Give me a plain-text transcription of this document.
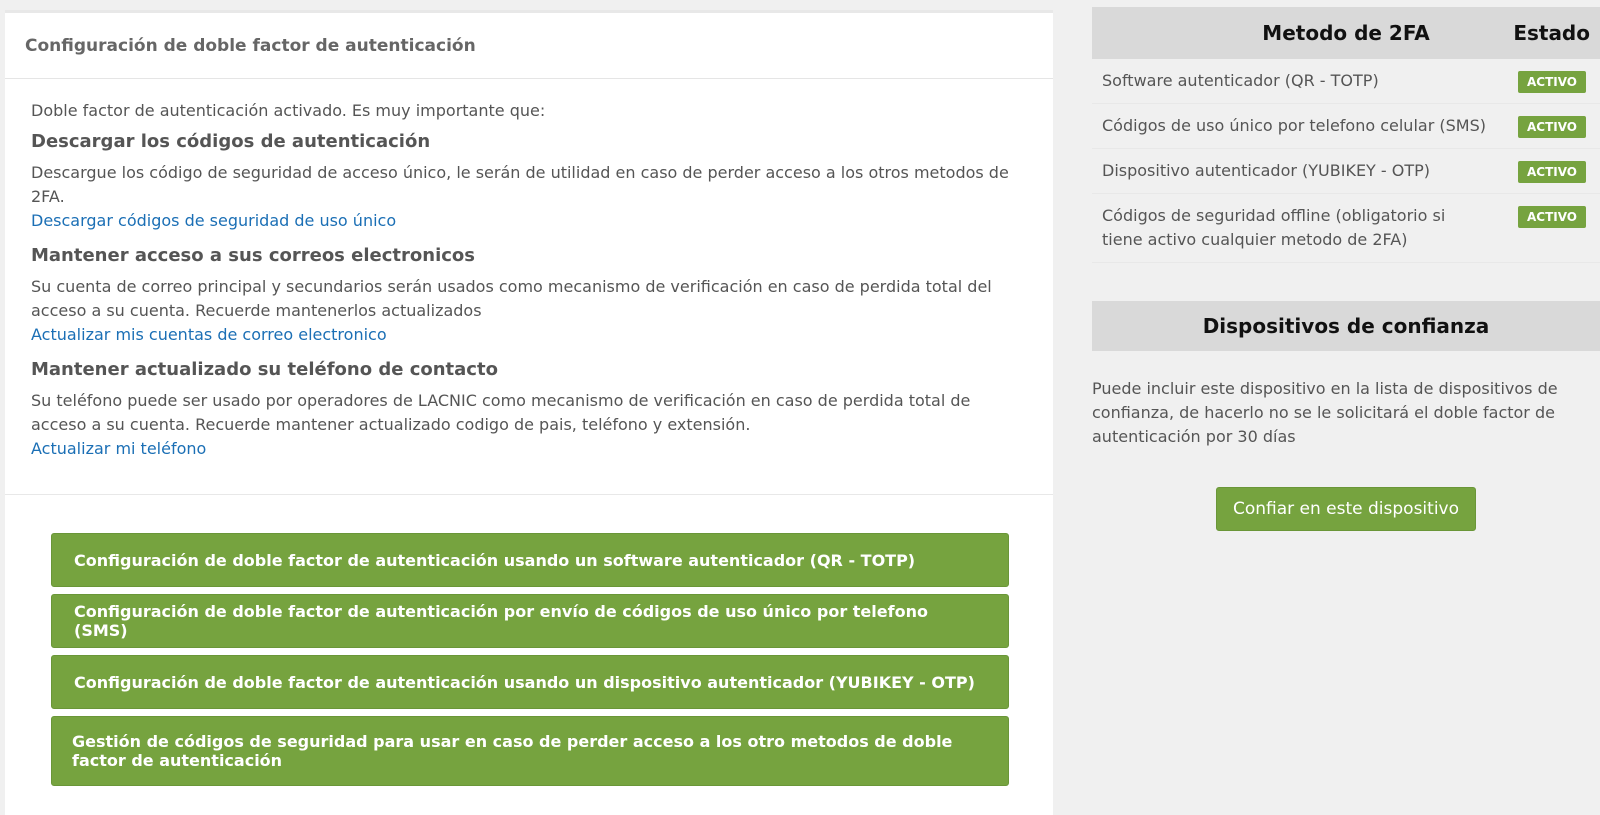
Configuración de doble factor de autenticación
Doble factor de autenticación activado. Es muy importante que:
Descargar los códigos de autenticación
Descargue los código de seguridad de acceso único, le serán de utilidad en caso de perder acceso a los otros metodos de 2FA.
Descargar códigos de seguridad de uso único
Mantener acceso a sus correos electronicos
Su cuenta de correo principal y secundarios serán usados como mecanismo de verificación en caso de perdida total del acceso a su cuenta. Recuerde mantenerlos actualizados
Actualizar mis cuentas de correo electronico
Mantener actualizado su teléfono de contacto
Su teléfono puede ser usado por operadores de LACNIC como mecanismo de verificación en caso de perdida total de acceso a su cuenta. Recuerde mantener actualizado codigo de pais, teléfono y extensión.
Actualizar mi teléfono
Configuración de doble factor de autenticación usando un software autenticador (QR - TOTP)
Configuración de doble factor de autenticación por envío de códigos de uso único por telefono (SMS)
Configuración de doble factor de autenticación usando un dispositivo autenticador (YUBIKEY - OTP)
Gestión de códigos de seguridad para usar en caso de perder acceso a los otro metodos de doble factor de autenticación
Metodo de 2FA	Estado
Software autenticador (QR - TOTP)	ACTIVO
Códigos de uso único por telefono celular (SMS)	ACTIVO
Dispositivo autenticador (YUBIKEY - OTP)	ACTIVO
Códigos de seguridad offline (obligatorio si tiene activo cualquier metodo de 2FA)	ACTIVO
Dispositivos de confianza
Puede incluir este dispositivo en la lista de dispositivos de confianza, de hacerlo no se le solicitará el doble factor de autenticación por 30 días
Confiar en este dispositivo
